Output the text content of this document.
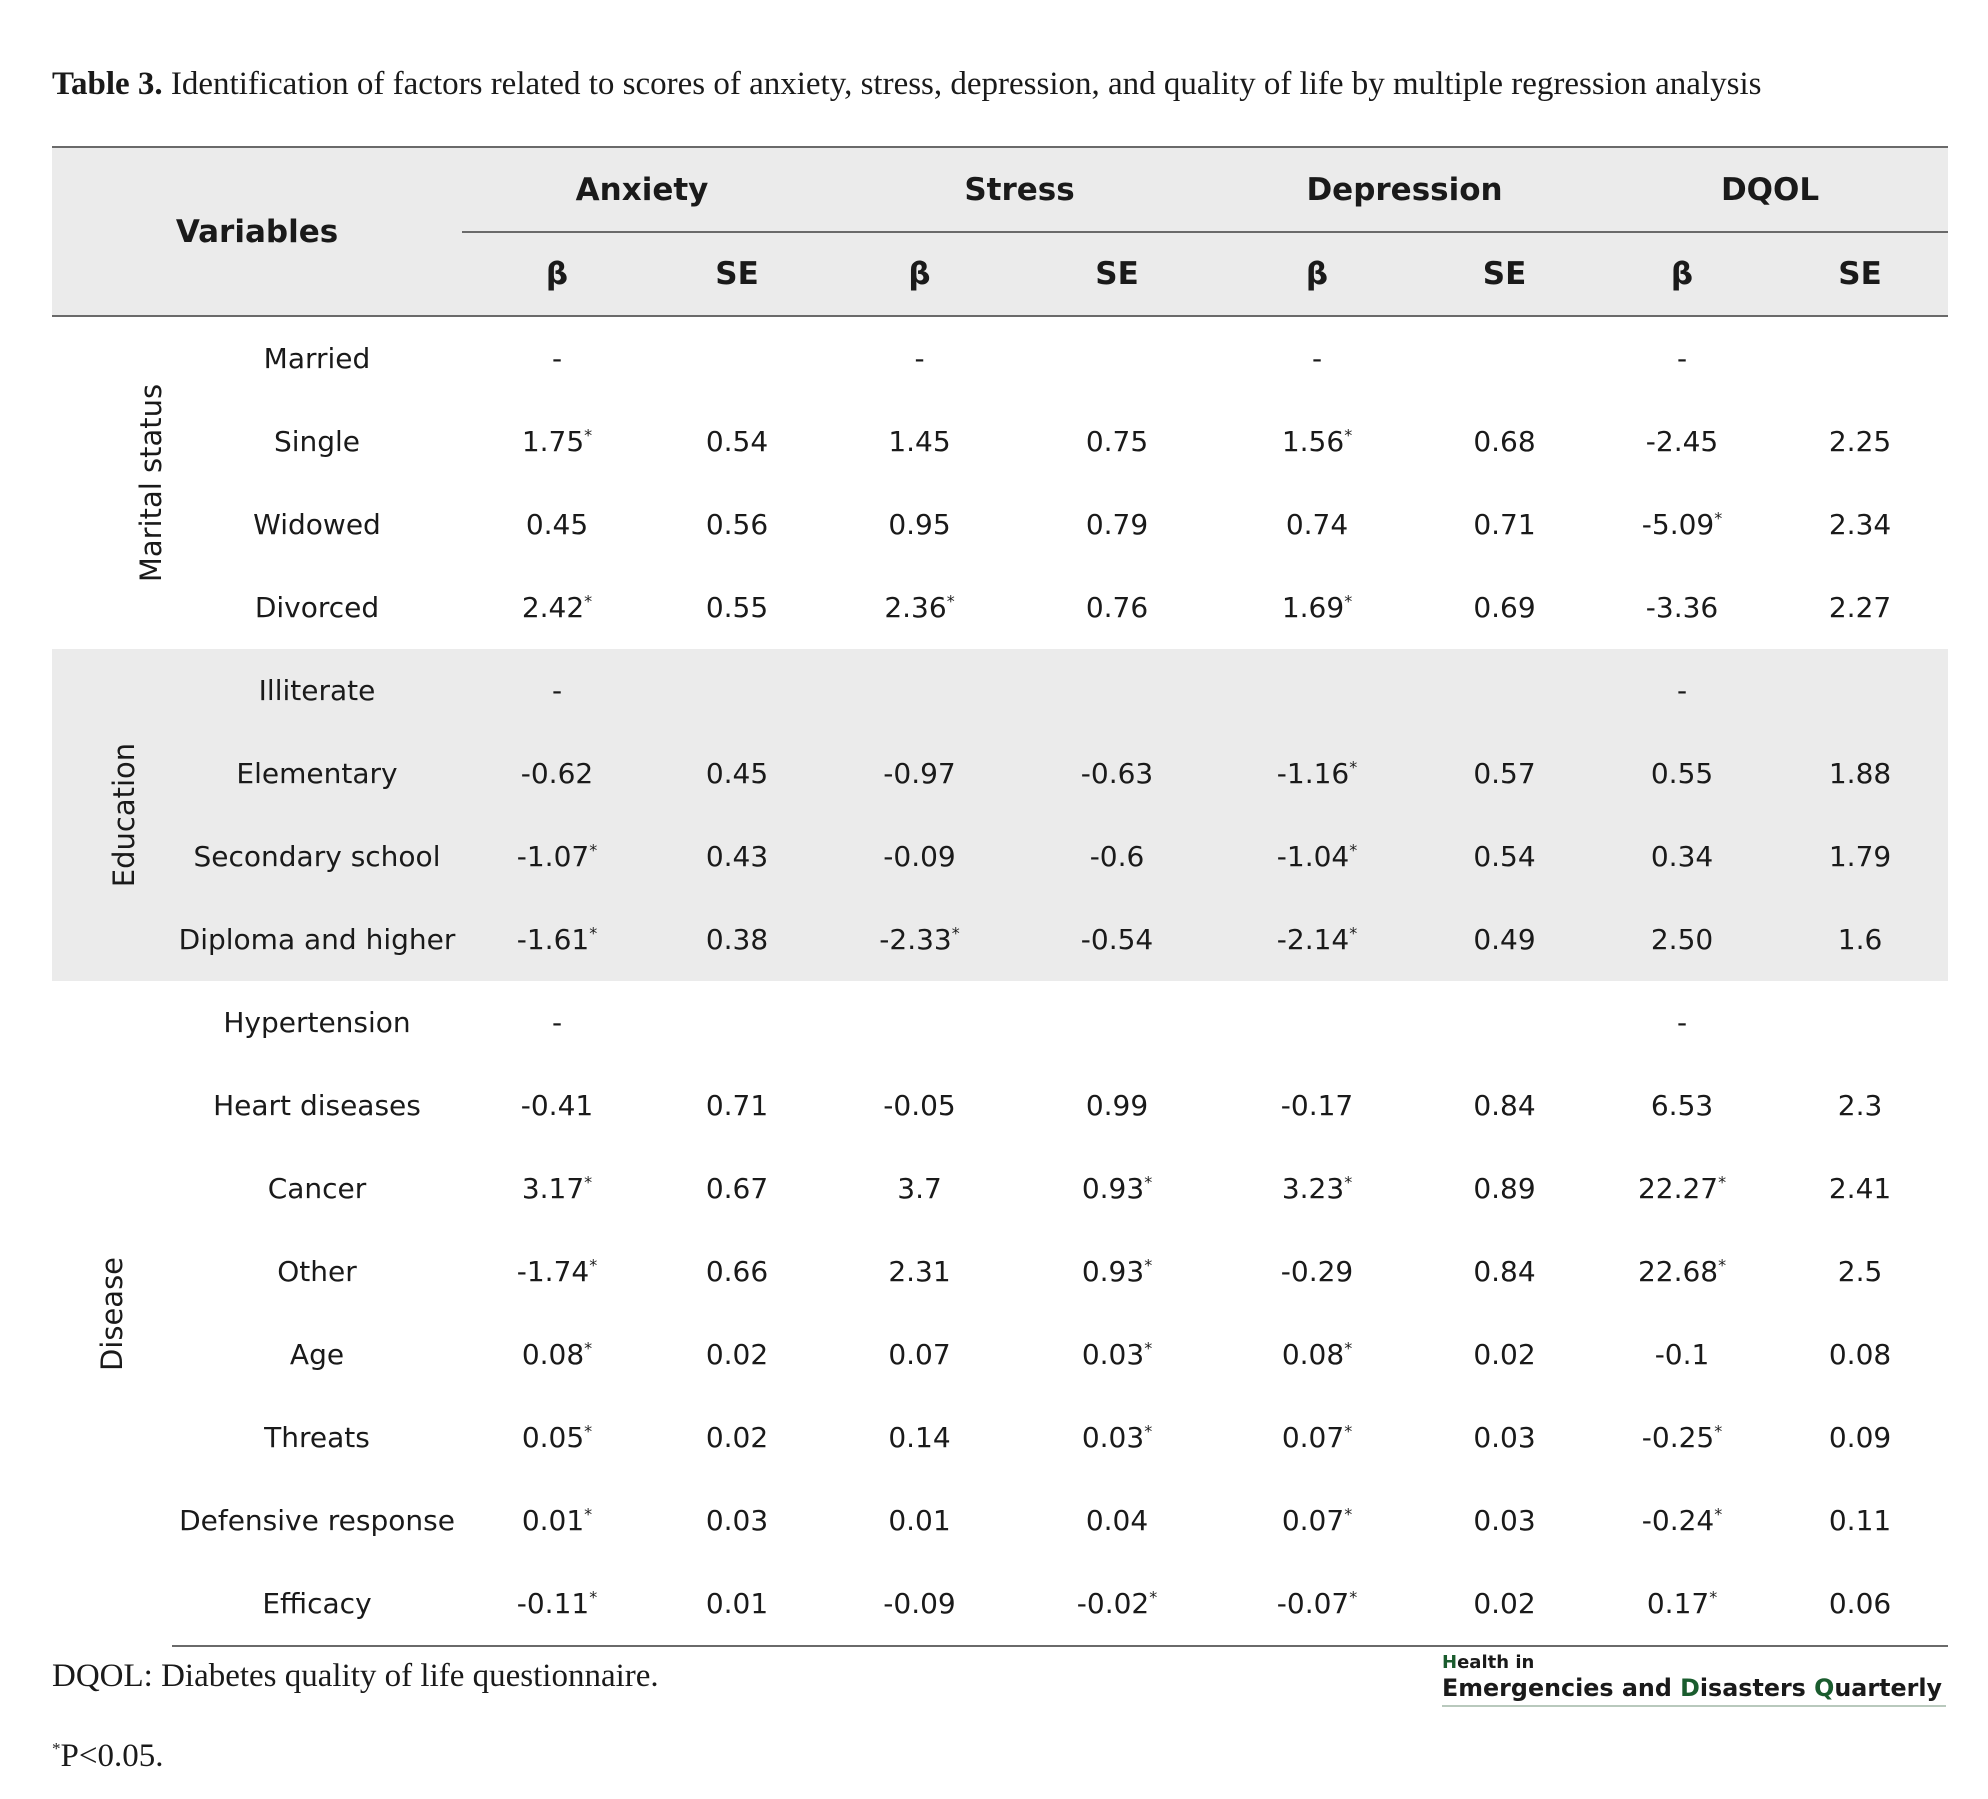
Table 3. Identification of factors related to scores of anxiety, stress, depression, and quality of life by multiple regression analysis
Variables		Anxiety		Stress		Depression		DQOL	
		β	SE	β	SE	β	SE	β	SE
Marital status	Married	-		-		-		-	
	Single	1.75*	0.54	1.45	0.75	1.56*	0.68	-2.45	2.25
	Widowed	0.45	0.56	0.95	0.79	0.74	0.71	-5.09*	2.34
	Divorced	2.42*	0.55	2.36*	0.76	1.69*	0.69	-3.36	2.27
Education	Illiterate	-						-	
	Elementary	-0.62	0.45	-0.97	-0.63	-1.16*	0.57	0.55	1.88
	Secondary school	-1.07*	0.43	-0.09	-0.6	-1.04*	0.54	0.34	1.79
	Diploma and higher	-1.61*	0.38	-2.33*	-0.54	-2.14*	0.49	2.50	1.6
Disease	Hypertension	-						-	
	Heart diseases	-0.41	0.71	-0.05	0.99	-0.17	0.84	6.53	2.3
	Cancer	3.17*	0.67	3.7	0.93*	3.23*	0.89	22.27*	2.41
	Other	-1.74*	0.66	2.31	0.93*	-0.29	0.84	22.68*	2.5
	Age	0.08*	0.02	0.07	0.03*	0.08*	0.02	-0.1	0.08
	Threats	0.05*	0.02	0.14	0.03*	0.07*	0.03	-0.25*	0.09
	Defensive response	0.01*	0.03	0.01	0.04	0.07*	0.03	-0.24*	0.11
	Efficacy	-0.11*	0.01	-0.09	-0.02*	-0.07*	0.02	0.17*	0.06
DQOL: Diabetes quality of life questionnaire.
*P<0.05.
Health in
Emergencies and Disasters Quarterly
